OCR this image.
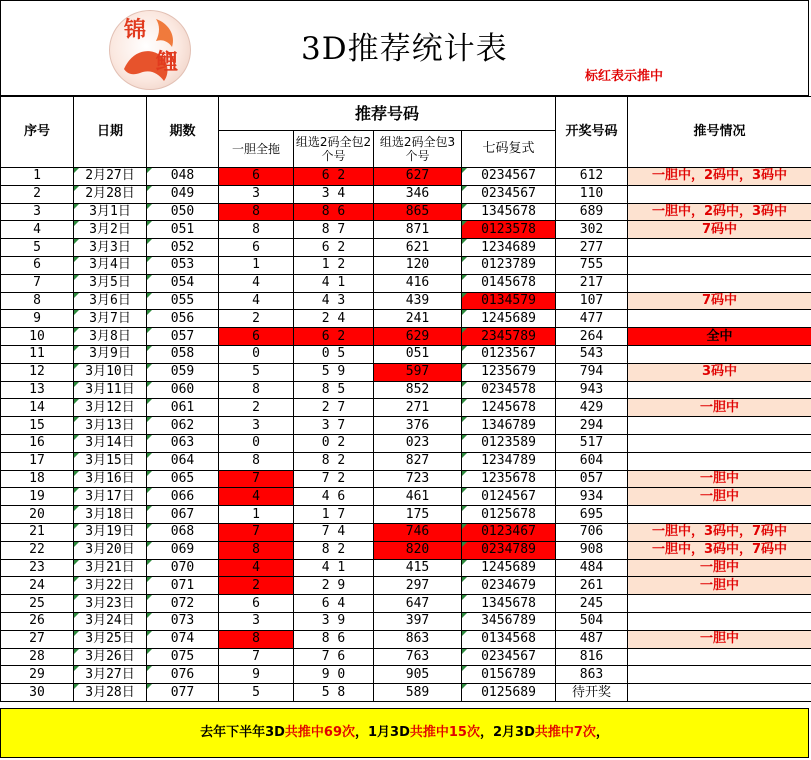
锦
鲤	3D推荐统计表
标红表示推中
序号	日期	期数	推荐号码				开奖号码	推号情况
			一胆全拖	组选2码全包2个号	组选2码全包3个号	七码复式		
1	2月27日	048	6	6 2	627	0234567	612	一胆中，2码中，3码中
2	2月28日	049	3	3 4	346	0234567	110	
3	3月1日	050	8	8 6	865	1345678	689	一胆中，2码中，3码中
4	3月2日	051	8	8 7	871	0123578	302	7码中
5	3月3日	052	6	6 2	621	1234689	277	
6	3月4日	053	1	1 2	120	0123789	755	
7	3月5日	054	4	4 1	416	0145678	217	
8	3月6日	055	4	4 3	439	0134579	107	7码中
9	3月7日	056	2	2 4	241	1245689	477	
10	3月8日	057	6	6 2	629	2345789	264	全中
11	3月9日	058	0	0 5	051	0123567	543	
12	3月10日	059	5	5 9	597	1235679	794	3码中
13	3月11日	060	8	8 5	852	0234578	943	
14	3月12日	061	2	2 7	271	1245678	429	一胆中
15	3月13日	062	3	3 7	376	1346789	294	
16	3月14日	063	0	0 2	023	0123589	517	
17	3月15日	064	8	8 2	827	1234789	604	
18	3月16日	065	7	7 2	723	1235678	057	一胆中
19	3月17日	066	4	4 6	461	0124567	934	一胆中
20	3月18日	067	1	1 7	175	0125678	695	
21	3月19日	068	7	7 4	746	0123467	706	一胆中，3码中，7码中
22	3月20日	069	8	8 2	820	0234789	908	一胆中，3码中，7码中
23	3月21日	070	4	4 1	415	1245689	484	一胆中
24	3月22日	071	2	2 9	297	0234679	261	一胆中
25	3月23日	072	6	6 4	647	1345678	245	
26	3月24日	073	3	3 9	397	3456789	504	
27	3月25日	074	8	8 6	863	0134568	487	一胆中
28	3月26日	075	7	7 6	763	0234567	816	
29	3月27日	076	9	9 0	905	0156789	863	
30	3月28日	077	5	5 8	589	0125689	待开奖	
去年下半年3D共推中69次，1月3D共推中15次，2月3D共推中7次，
